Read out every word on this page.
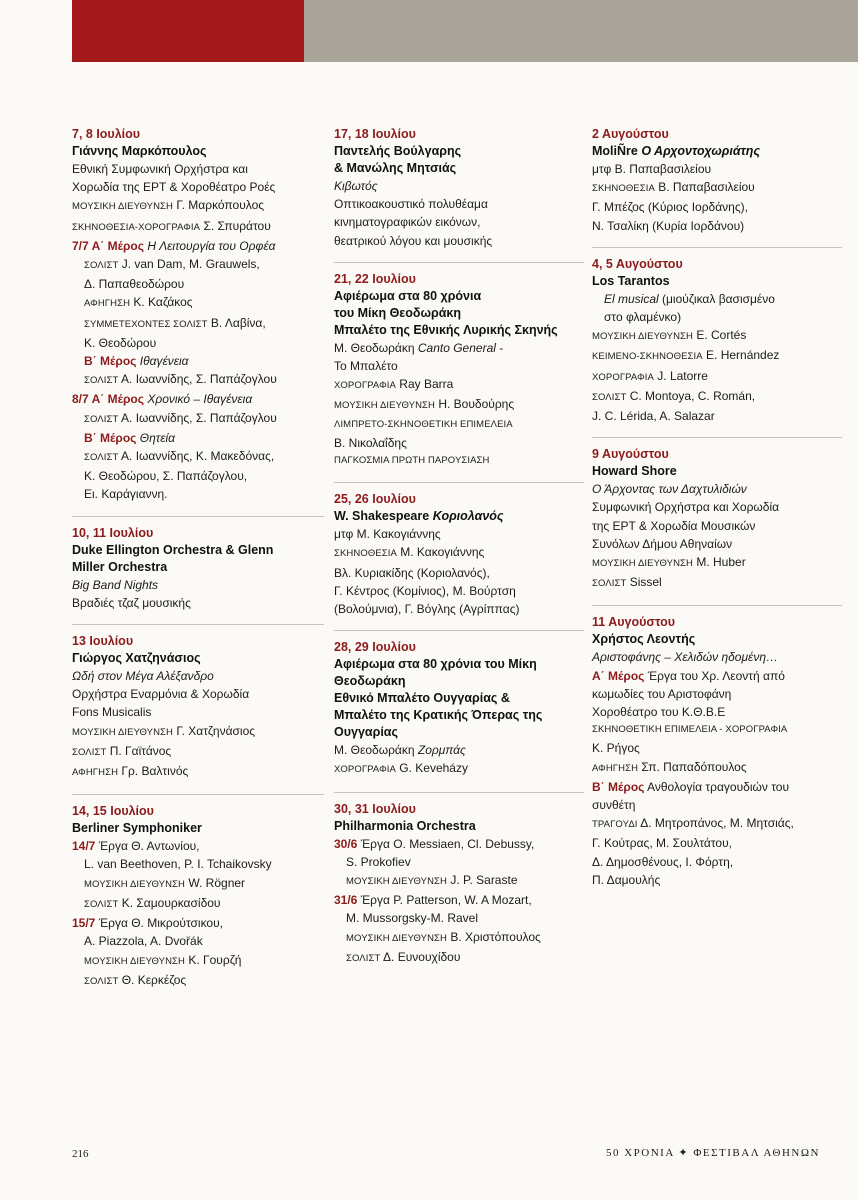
7, 8 Ιουλίου
Γιάννης Μαρκόπουλος
Εθνική Συμφωνική Ορχήστρα και
Χορωδία της ΕΡΤ & Χοροθέατρο Ροές
ΜΟΥΣΙΚΗ ΔΙΕΥΘΥΝΣΗ Γ. Μαρκόπουλος
ΣΚΗΝΟΘΕΣΙΑ-ΧΟΡΟΓΡΑΦΙΑ Σ. Σπυράτου
7/7 Α΄ Μέρος Η Λειτουργία του Ορφέα
ΣΟΛΙΣΤ J. van Dam, M. Grauwels,
Δ. Παπαθεοδώρου
ΑΦΗΓΗΣΗ Κ. Καζάκος
ΣΥΜΜΕΤΕΧΟΝΤΕΣ ΣΟΛΙΣΤ Β. Λαβίνα,
Κ. Θεοδώρου
Β΄ Μέρος Ιθαγένεια
ΣΟΛΙΣΤ Α. Ιωαννίδης, Σ. Παπάζογλου
8/7 Α΄ Μέρος Χρονικό – Ιθαγένεια
ΣΟΛΙΣΤ Α. Ιωαννίδης, Σ. Παπάζογλου
Β΄ Μέρος Θητεία
ΣΟΛΙΣΤ Α. Ιωαννίδης, Κ. Μακεδόνας,
Κ. Θεοδώρου, Σ. Παπάζογλου,
Ει. Καράγιαννη.
10, 11 Ιουλίου
Duke Ellington Orchestra & Glenn
Miller Orchestra
Big Band Nights
Βραδιές τζαζ μουσικής
13 Ιουλίου
Γιώργος Χατζηνάσιος
Ωδή στον Μέγα Αλέξανδρο
Ορχήστρα Εναρμόνια & Χορωδία
Fons Musicalis
ΜΟΥΣΙΚΗ ΔΙΕΥΘΥΝΣΗ Γ. Χατζηνάσιος
ΣΟΛΙΣΤ Π. Γαϊτάνος
ΑΦΗΓΗΣΗ Γρ. Βαλτινός
14, 15 Ιουλίου
Berliner Symphoniker
14/7 Έργα Θ. Αντωνίου,
L. van Beethoven, P. I. Tchaikovsky
ΜΟΥΣΙΚΗ ΔΙΕΥΘΥΝΣΗ W. Rögner
ΣΟΛΙΣΤ Κ. Σαμουρκασίδου
15/7 Έργα Θ. Μικρούτσικου,
A. Piazzola, A. Dvořák
ΜΟΥΣΙΚΗ ΔΙΕΥΘΥΝΣΗ Κ. Γουρζή
ΣΟΛΙΣΤ Θ. Κερκέζος
17, 18 Ιουλίου
Παντελής Βούλγαρης
& Μανώλης Μητσιάς
Κιβωτός
Οπτικοακουστικό πολυθέαμα
κινηματογραφικών εικόνων,
θεατρικού λόγου και μουσικής
21, 22 Ιουλίου
Αφιέρωμα στα 80 χρόνια
του Μίκη Θεοδωράκη
Μπαλέτο της Εθνικής Λυρικής Σκηνής
Μ. Θεοδωράκη Canto General -
Το Μπαλέτο
ΧΟΡΟΓΡΑΦΙΑ Ray Barra
ΜΟΥΣΙΚΗ ΔΙΕΥΘΥΝΣΗ Η. Βουδούρης
ΛΙΜΠΡΕΤΟ-ΣΚΗΝΟΘΕΤΙΚΗ ΕΠΙΜΕΛΕΙΑ
Β. Νικολαΐδης
ΠΑΓΚΟΣΜΙΑ ΠΡΩΤΗ ΠΑΡΟΥΣΙΑΣΗ
25, 26 Ιουλίου
W. Shakespeare Κοριολανός
μτφ Μ. Κακογιάννης
ΣΚΗΝΟΘΕΣΙΑ Μ. Κακογιάννης
Βλ. Κυριακίδης (Κοριολανός),
Γ. Κέντρος (Κομίνιος), Μ. Βούρτση
(Βολούμνια), Γ. Βόγλης (Αγρίππας)
28, 29 Ιουλίου
Αφιέρωμα στα 80 χρόνια του Μίκη
Θεοδωράκη
Εθνικό Μπαλέτο Ουγγαρίας &
Μπαλέτο της Κρατικής Όπερας της
Ουγγαρίας
Μ. Θεοδωράκη Ζορμπάς
ΧΟΡΟΓΡΑΦΙΑ G. Keveházy
30, 31 Ιουλίου
Philharmonia Orchestra
30/6 Έργα O. Messiaen, Cl. Debussy,
S. Prokofiev
ΜΟΥΣΙΚΗ ΔΙΕΥΘΥΝΣΗ J. P. Saraste
31/6 Έργα P. Patterson, W. A Mozart,
M. Mussorgsky-M. Ravel
ΜΟΥΣΙΚΗ ΔΙΕΥΘΥΝΣΗ Β. Χριστόπουλος
ΣΟΛΙΣΤ Δ. Ευνουχίδου
2 Αυγούστου
MoliÑre Ο Αρχοντοχωριάτης
μτφ Β. Παπαβασιλείου
ΣΚΗΝΟΘΕΣΙΑ Β. Παπαβασιλείου
Γ. Μπέζος (Κύριος Ιορδάνης),
Ν. Τσαλίκη (Κυρία Ιορδάνου)
4, 5 Αυγούστου
Los Tarantos
El musical (μιούζικαλ βασισμένο
στο φλαμένκο)
ΜΟΥΣΙΚΗ ΔΙΕΥΘΥΝΣΗ E. Cortés
ΚΕΙΜΕΝΟ-ΣΚΗΝΟΘΕΣΙΑ E. Hernández
ΧΟΡΟΓΡΑΦΙΑ J. Latorre
ΣΟΛΙΣΤ C. Montoya, C. Román,
J. C. Lérida, A. Salazar
9 Αυγούστου
Howard Shore
Ο Άρχοντας των Δαχτυλιδιών
Συμφωνική Ορχήστρα και Χορωδία
της ΕΡΤ & Χορωδία Μουσικών
Συνόλων Δήμου Αθηναίων
ΜΟΥΣΙΚΗ ΔΙΕΥΘΥΝΣΗ M. Huber
ΣΟΛΙΣΤ Sissel
11 Αυγούστου
Χρήστος Λεοντής
Αριστοφάνης – Χελιδών ηδομένη…
Α΄ Μέρος Έργα του Χρ. Λεοντή από
κωμωδίες του Αριστοφάνη
Χοροθέατρο του Κ.Θ.Β.Ε
ΣΚΗΝΟΘΕΤΙΚΗ ΕΠΙΜΕΛΕΙΑ - ΧΟΡΟΓΡΑΦΙΑ
Κ. Ρήγος
ΑΦΗΓΗΣΗ Σπ. Παπαδόπουλος
Β΄ Μέρος Ανθολογία τραγουδιών του
συνθέτη
ΤΡΑΓΟΥΔΙ Δ. Μητροπάνος, Μ. Μητσιάς,
Γ. Κούτρας, Μ. Σουλτάτου,
Δ. Δημοσθένους, Ι. Φόρτη,
Π. Δαμουλής
216	50 ΧΡΟΝΙΑ ✦ ΦΕΣΤΙΒΑΛ ΑΘΗΝΩΝ
